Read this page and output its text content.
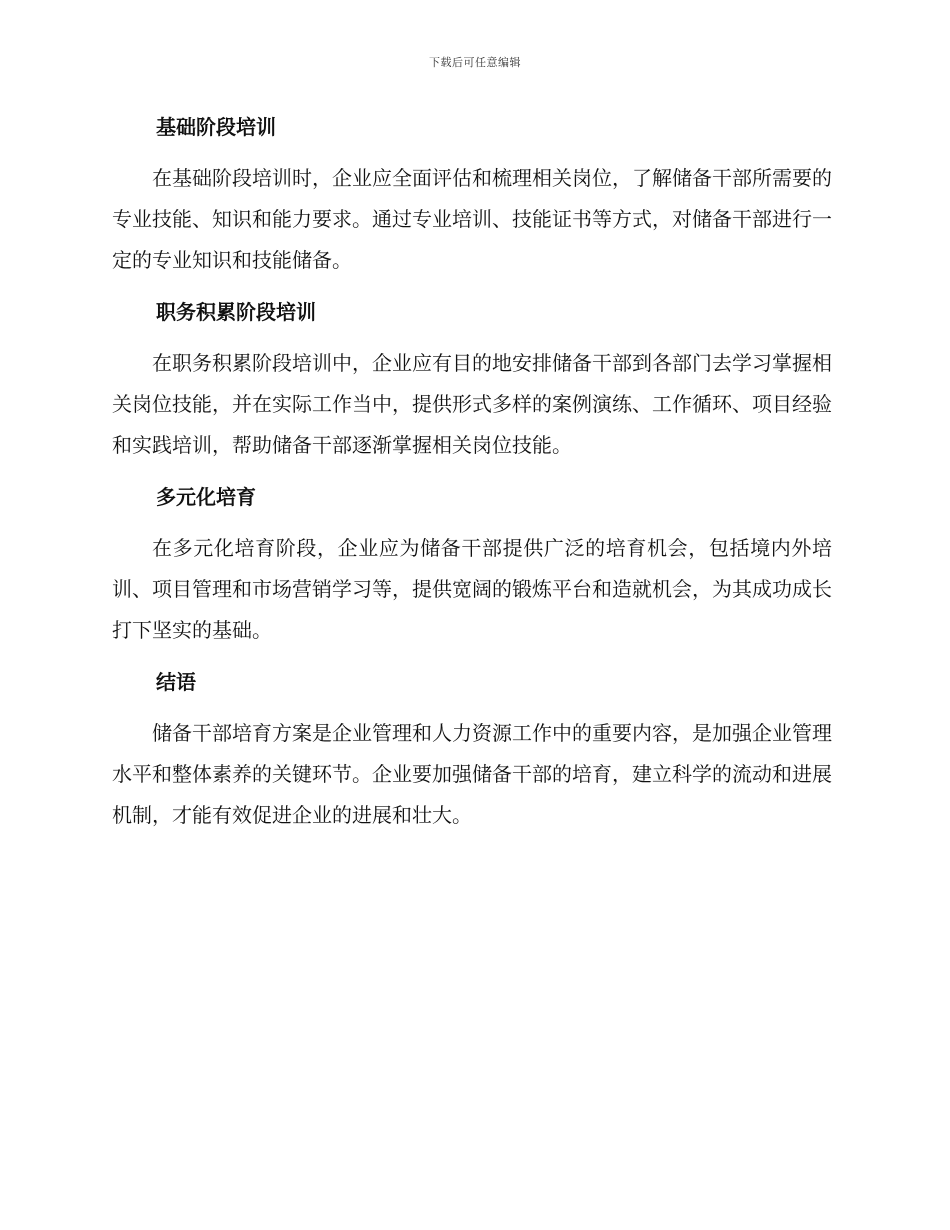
下载后可任意编辑
基础阶段培训

在基础阶段培训时，企业应全面评估和梳理相关岗位，了解储备干部所需要的专业技能、知识和能力要求。通过专业培训、技能证书等方式，对储备干部进行一定的专业知识和技能储备。

职务积累阶段培训

在职务积累阶段培训中，企业应有目的地安排储备干部到各部门去学习掌握相关岗位技能，并在实际工作当中，提供形式多样的案例演练、工作循环、项目经验和实践培训，帮助储备干部逐渐掌握相关岗位技能。

多元化培育

在多元化培育阶段，企业应为储备干部提供广泛的培育机会，包括境内外培训、项目管理和市场营销学习等，提供宽阔的锻炼平台和造就机会，为其成功成长打下坚实的基础。

结语

储备干部培育方案是企业管理和人力资源工作中的重要内容，是加强企业管理水平和整体素养的关键环节。企业要加强储备干部的培育，建立科学的流动和进展机制，才能有效促进企业的进展和壮大。
